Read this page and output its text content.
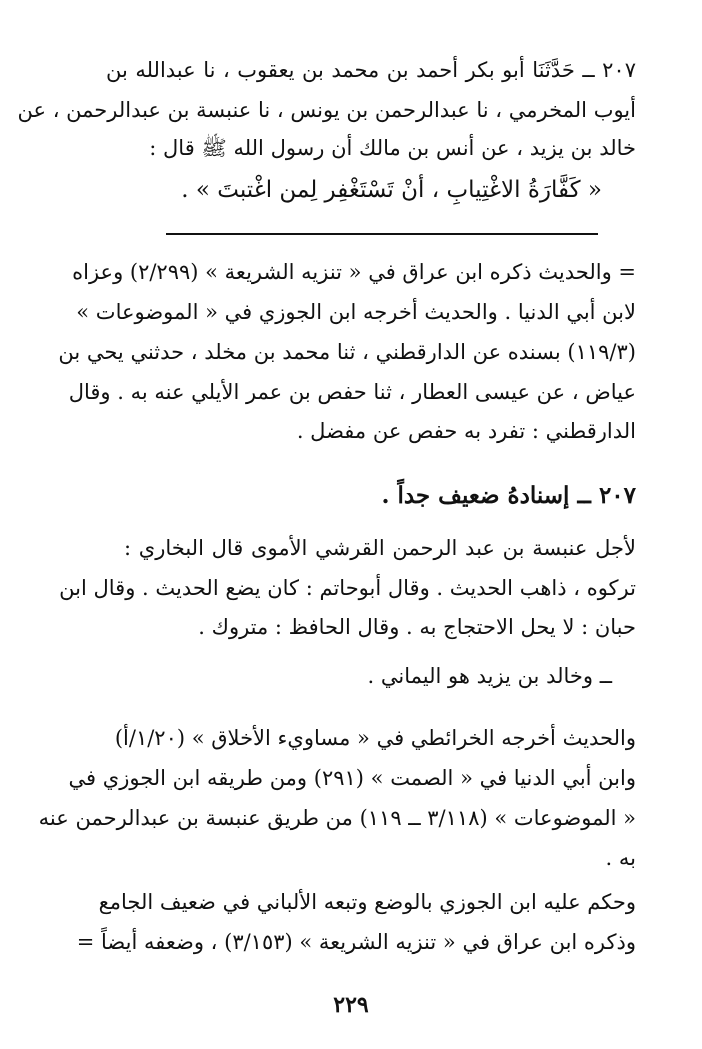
٢٠٧ ــ حَدَّثَنَا أبو بكر أحمد بن محمد بن يعقوب ، نا عبدالله بن
أيوب المخرمي ، نا عبدالرحمن بن يونس ، نا عنبسة بن عبدالرحمن ، عن
خالد بن يزيد ، عن أنس بن مالك أن رسول الله ﷺ قال :
« كَفَّارَةُ الاغْتِيابِ ، أنْ تَسْتَغْفِر لِمن اغْتبتَ » .
= والحديث ذكره ابن عراق في « تنزيه الشريعة » (٢/٢٩٩) وعزاه
لابن أبي الدنيا . والحديث أخرجه ابن الجوزي في « الموضوعات »
(١١٩/٣) بسنده عن الدارقطني ، ثنا محمد بن مخلد ، حدثني يحي بن
عياض ، عن عيسى العطار ، ثنا حفص بن عمر الأيلي عنه به . وقال
الدارقطني : تفرد به حفص عن مفضل .
٢٠٧ ــ إسنادهُ ضعيف جداً .
لأجل عنبسة بن عبد الرحمن القرشي الأموى قال البخاري :
تركوه ، ذاهب الحديث . وقال أبوحاتم : كان يضع الحديث . وقال ابن
حبان : لا يحل الاحتجاج به . وقال الحافظ : متروك .
ــ وخالد بن يزيد هو اليماني .
والحديث أخرجه الخرائطي في « مساويء الأخلاق » (١/٢٠/أ)
وابن أبي الدنيا في « الصمت » (٢٩١) ومن طريقه ابن الجوزي في
« الموضوعات » (٣/١١٨ ــ ١١٩) من طريق عنبسة بن عبدالرحمن عنه
به .
وحكم عليه ابن الجوزي بالوضع وتبعه الألباني في ضعيف الجامع
وذكره ابن عراق في « تنزيه الشريعة » (٣/١٥٣) ، وضعفه أيضاً =
٢٢٩
